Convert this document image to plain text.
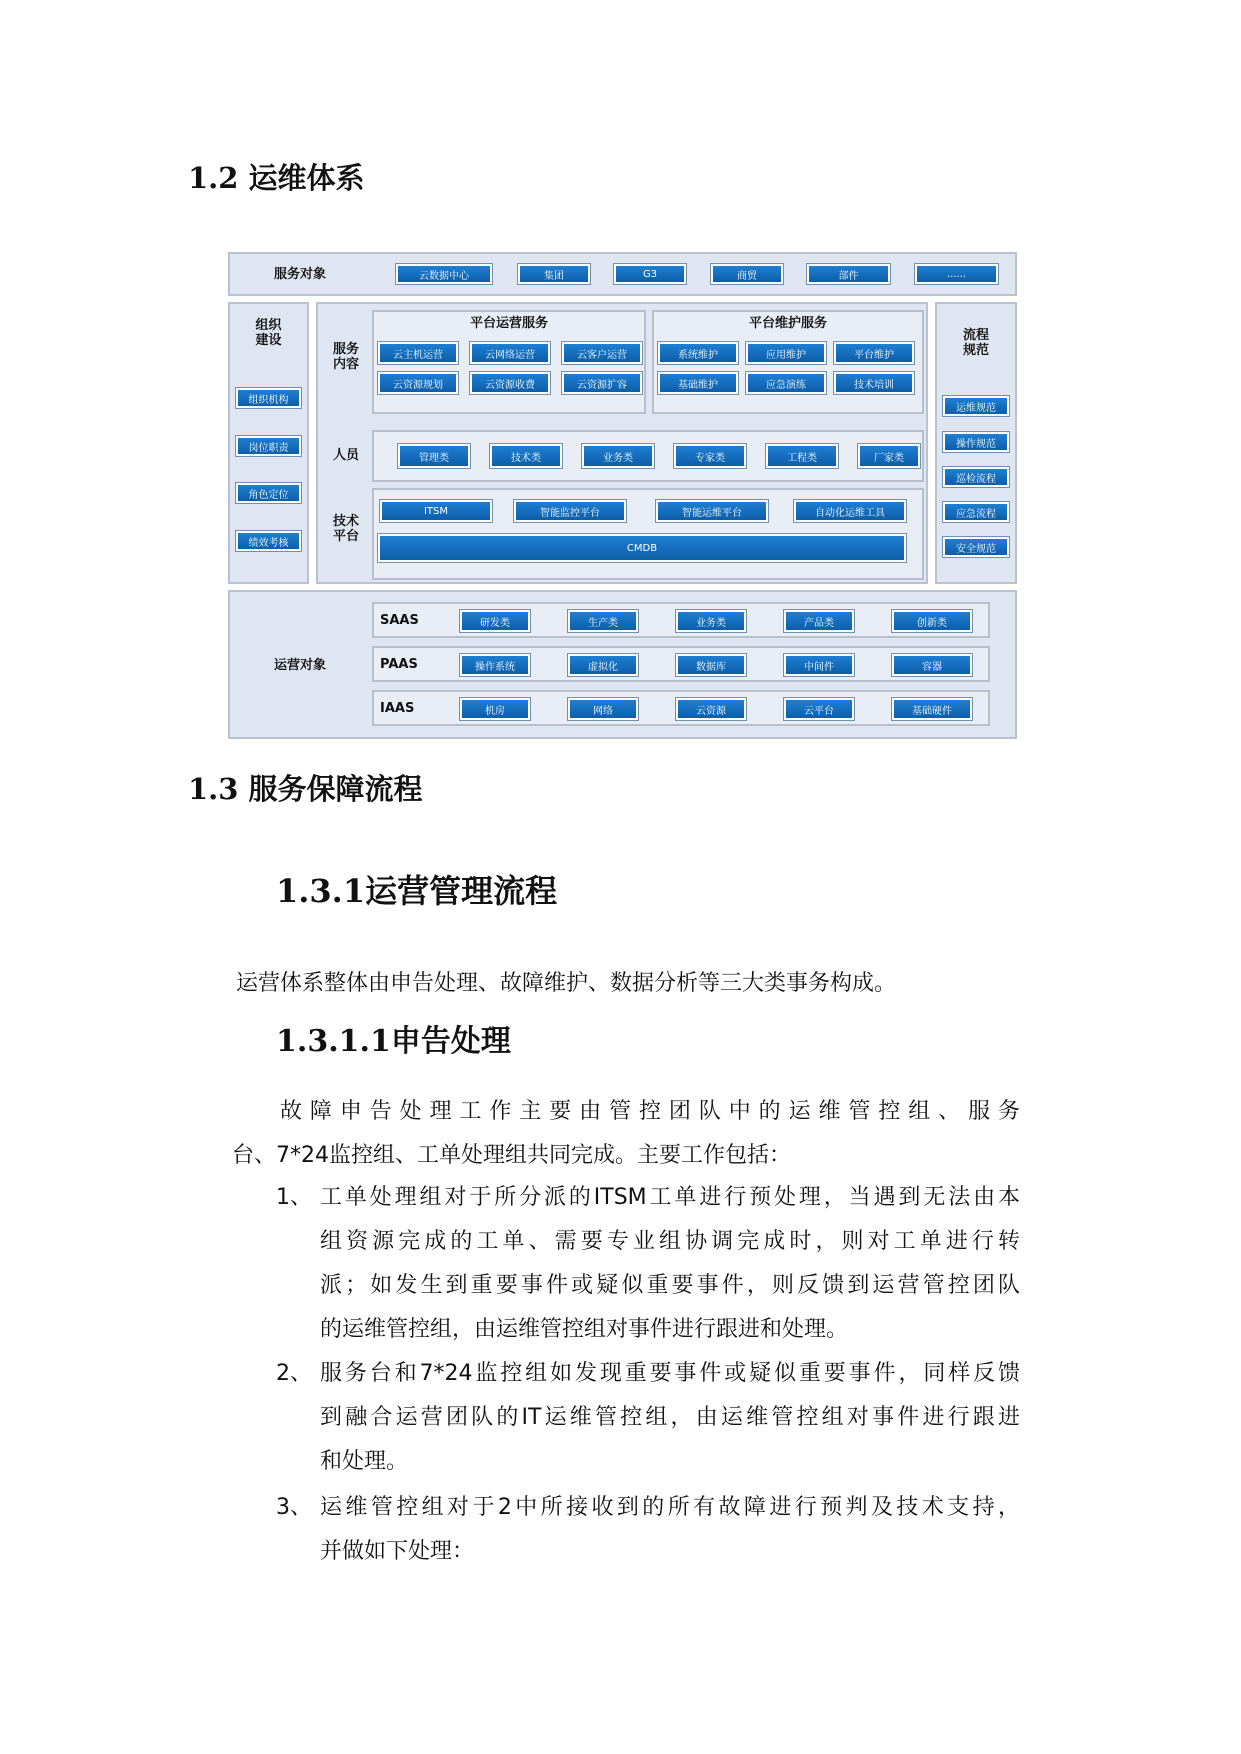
1.2 运维体系
服务对象	云数据中心	集团	G3	商贸	部件	......
组织
建设
组织机构
岗位职责
角色定位
绩效考核
服务
内容
平台运营服务
云主机运营	云网络运营	云客户运营
云资源规划	云资源收费	云资源扩容
平台维护服务
系统维护	应用维护	平台维护
基础维护	应急演练	技术培训
人员	管理类	技术类	业务类	专家类	工程类	厂家类
技术
平台
ITSM	智能监控平台	智能运维平台	自动化运维工具
CMDB
流程
规范
运维规范
操作规范
巡检流程
应急流程
安全规范
运营对象
SAAS	研发类	生产类	业务类	产品类	创新类
PAAS	操作系统	虚拟化	数据库	中间件	容器
IAAS	机房	网络	云资源	云平台	基础硬件
1.3 服务保障流程
1.3.1运营管理流程
运营体系整体由申告处理、故障维护、数据分析等三大类事务构成。
1.3.1.1申告处理
故障申告处理工作主要由管控团队中的运维管控组、服务
台、7*24监控组、工单处理组共同完成。主要工作包括：
1、 工单处理组对于所分派的ITSM工单进行预处理，当遇到无法由本
组资源完成的工单、需要专业组协调完成时，则对工单进行转
派；如发生到重要事件或疑似重要事件，则反馈到运营管控团队
的运维管控组，由运维管控组对事件进行跟进和处理。
2、 服务台和7*24监控组如发现重要事件或疑似重要事件，同样反馈
到融合运营团队的IT运维管控组，由运维管控组对事件进行跟进
和处理。
3、 运维管控组对于2中所接收到的所有故障进行预判及技术支持，
并做如下处理：
